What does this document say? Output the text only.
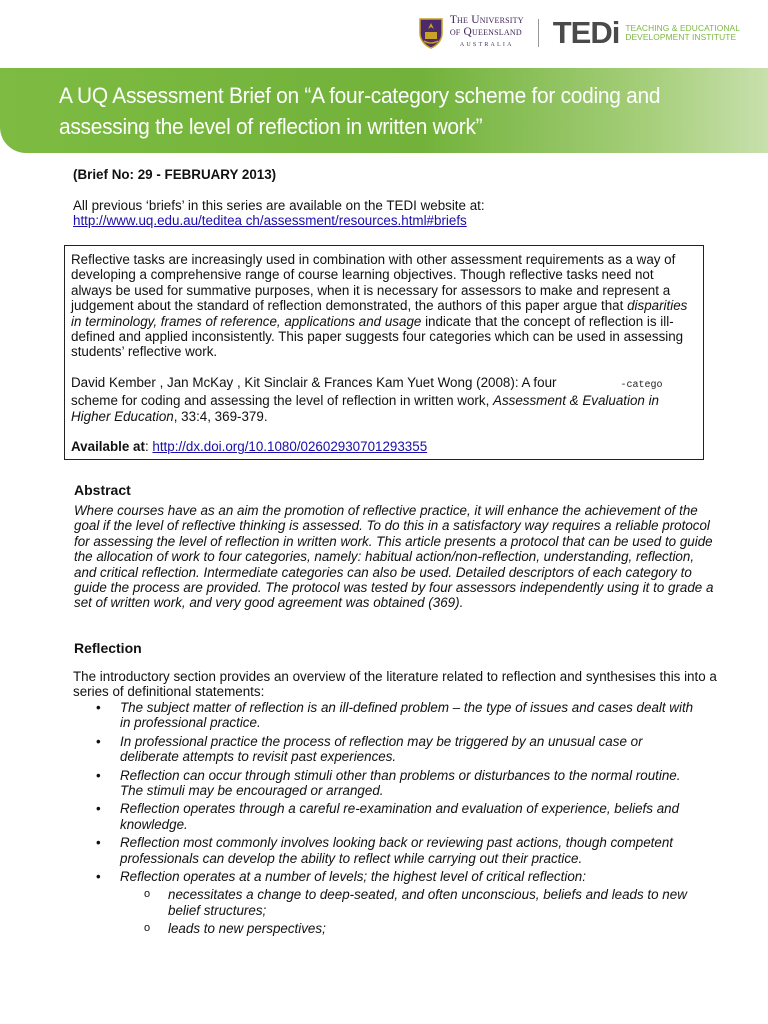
The University
of Queensland
AUSTRALIA	TEDi TEACHING & EDUCATIONAL
DEVELOPMENT INSTITUTE
A UQ Assessment Brief on “A four-category scheme for coding and assessing the level of reflection in written work”
(Brief No: 29 - FEBRUARY 2013)
All previous ‘briefs’ in this series are available on the TEDI website at:
http://www.uq.edu.au/teditea ch/assessment/resources.html#briefs

Reflective tasks are increasingly used in combination with other assessment requirements as a way of developing a comprehensive range of course learning objectives. Though reflective tasks need not always be used for summative purposes, when it is necessary for assessors to make and represent a judgement about the standard of reflection demonstrated, the authors of this paper argue that disparities in terminology, frames of reference, applications and usage indicate that the concept of reflection is ill-defined and applied inconsistently. This paper suggests four categories which can be used in assessing students’ reflective work.

David Kember , Jan McKay , Kit Sinclair & Frances Kam Yuet Wong (2008): A four	-catego
scheme for coding and assessing the level of reflection in written work, Assessment & Evaluation in Higher Education, 33:4, 369-379.

Available at: http://dx.doi.org/10.1080/02602930701293355

Abstract
Where courses have as an aim the promotion of reflective practice, it will enhance the achievement of the goal if the level of reflective thinking is assessed. To do this in a satisfactory way requires a reliable protocol for assessing the level of reflection in written work. This article presents a protocol that can be used to guide the allocation of work to four categories, namely: habitual action/non-reflection, understanding, reflection, and critical reflection. Intermediate categories can also be used. Detailed descriptors of each category to guide the process are provided. The protocol was tested by four assessors independently using it to grade a set of written work, and very good agreement was obtained (369).
Reflection
The introductory section provides an overview of the literature related to reflection and synthesises this into a series of definitional statements:
• The subject matter of reflection is an ill-defined problem – the type of issues and cases dealt with in professional practice.
• In professional practice the process of reflection may be triggered by an unusual case or deliberate attempts to revisit past experiences.
• Reflection can occur through stimuli other than problems or disturbances to the normal routine. The stimuli may be encouraged or arranged.
• Reflection operates through a careful re-examination and evaluation of experience, beliefs and knowledge.
• Reflection most commonly involves looking back or reviewing past actions, though competent professionals can develop the ability to reflect while carrying out their practice.
• Reflection operates at a number of levels; the highest level of critical reflection:
o necessitates a change to deep-seated, and often unconscious, beliefs and leads to new belief structures;
o leads to new perspectives;
